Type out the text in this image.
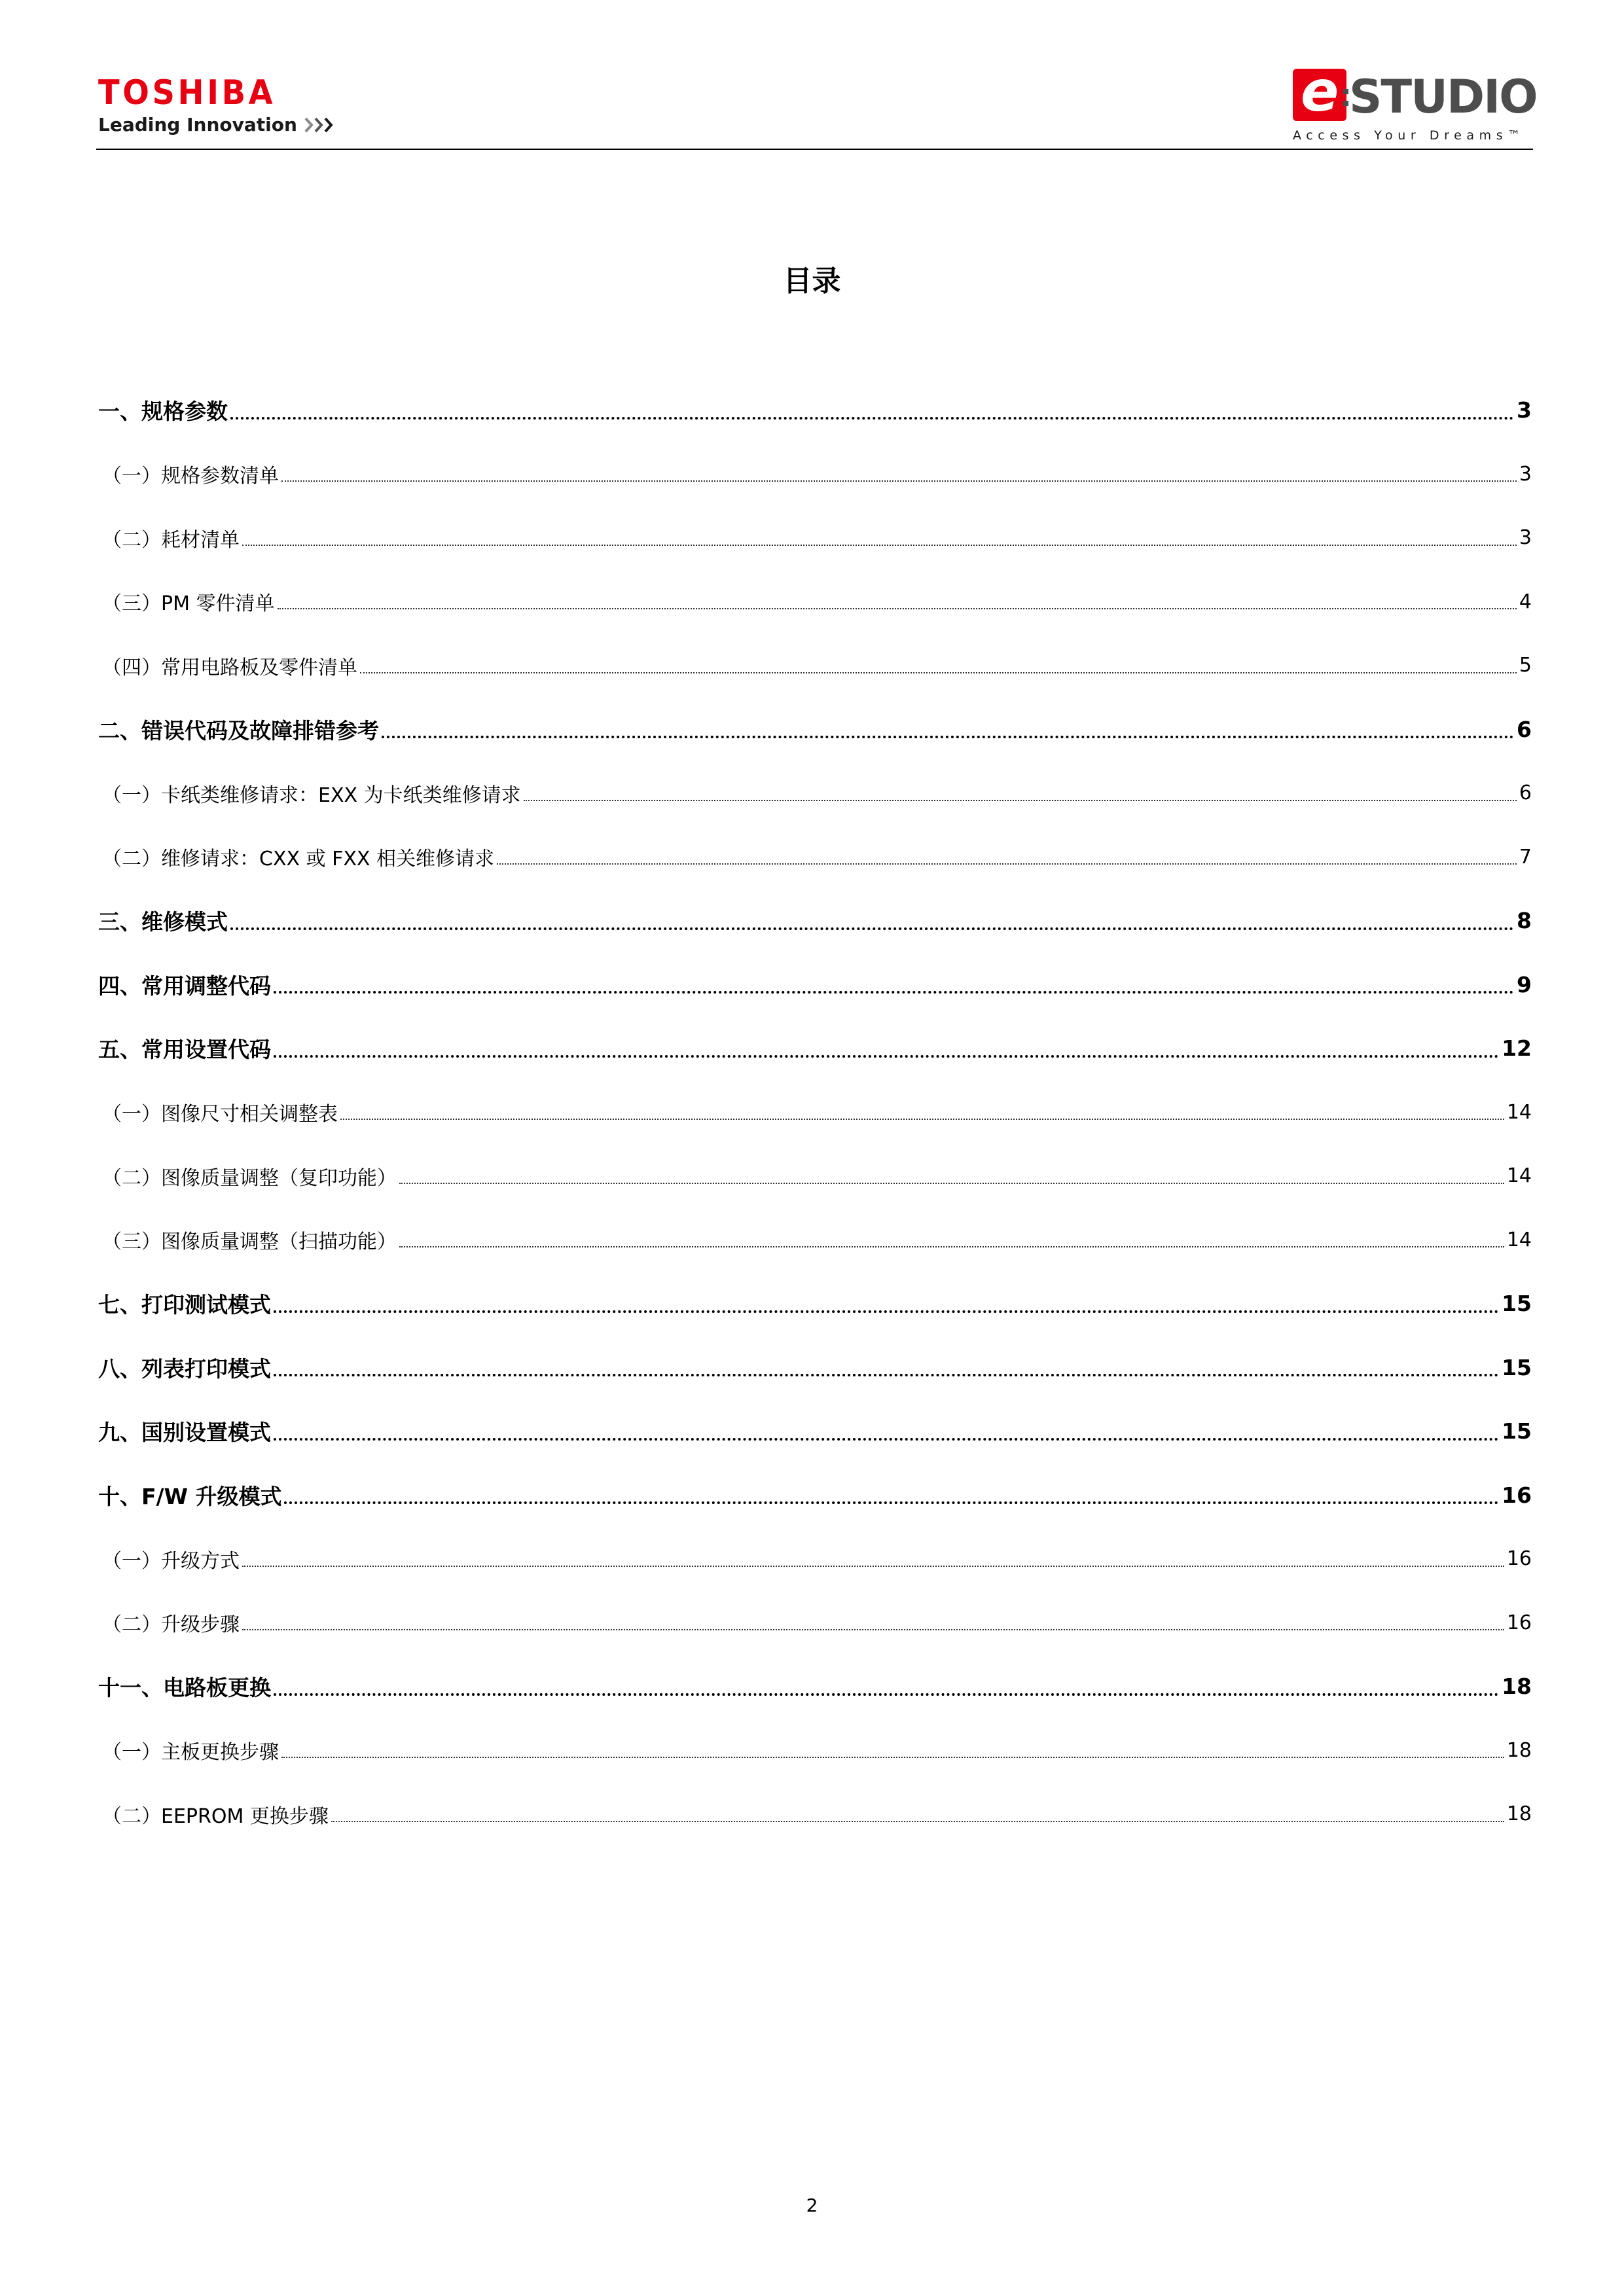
TOSHIBA
Leading Innovation
e STUDIO
Access Your Dreams™
目录
一、规格参数	3
（一）规格参数清单	3
（二）耗材清单	3
（三）PM 零件清单	4
（四）常用电路板及零件清单	5
二、错误代码及故障排错参考	6
（一）卡纸类维修请求：EXX 为卡纸类维修请求	6
（二）维修请求：CXX 或 FXX 相关维修请求	7
三、维修模式	8
四、常用调整代码	9
五、常用设置代码	12
（一）图像尺寸相关调整表	14
（二）图像质量调整（复印功能）	14
（三）图像质量调整（扫描功能）	14
七、打印测试模式	15
八、列表打印模式	15
九、国别设置模式	15
十、F/W 升级模式	16
（一）升级方式	16
（二）升级步骤	16
十一、电路板更换	18
（一）主板更换步骤	18
（二）EEPROM 更换步骤	18
2
